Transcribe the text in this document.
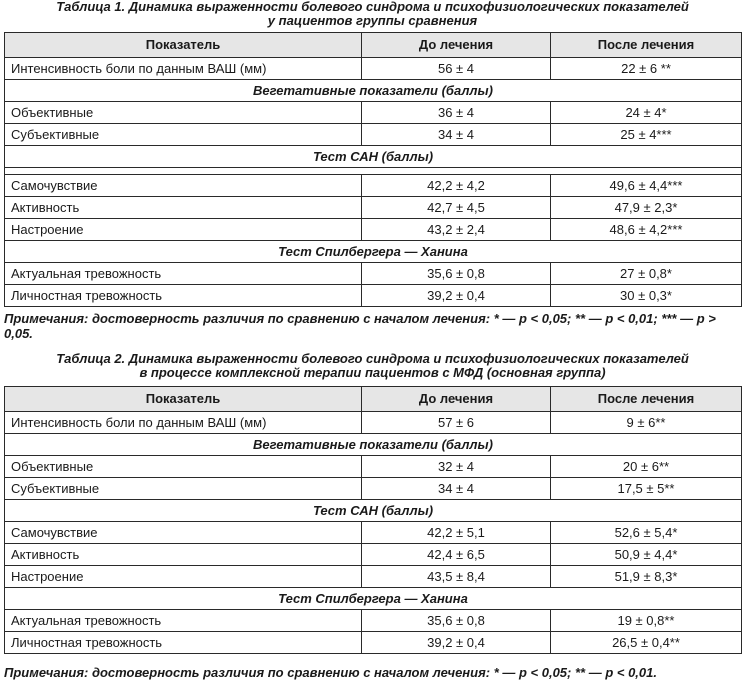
Таблица 1. Динамика выраженности болевого синдрома и психофизиологических показателей
у пациентов группы сравнения
Показатель	До лечения	После лечения
Интенсивность боли по данным ВАШ (мм)	56 ± 4	22 ± 6 **
Вегетативные показатели (баллы)		
Объективные	36 ± 4	24 ± 4*
Субъективные	34 ± 4	25 ± 4***
Тест САН (баллы)		

Самочувствие	42,2 ± 4,2	49,6 ± 4,4***
Активность	42,7 ± 4,5	47,9 ± 2,3*
Настроение	43,2 ± 2,4	48,6 ± 4,2***
Тест Спилбергера — Ханина		
Актуальная тревожность	35,6 ± 0,8	27 ± 0,8*
Личностная тревожность	39,2 ± 0,4	30 ± 0,3*
Примечания: достоверность различия по сравнению с началом лечения: * — р < 0,05; ** — р < 0,01; *** — р > 0,05.
Таблица 2. Динамика выраженности болевого синдрома и психофизиологических показателей
в процессе комплексной терапии пациентов с МФД (основная группа)
Показатель	До лечения	После лечения
Интенсивность боли по данным ВАШ (мм)	57 ± 6	9 ± 6**
Вегетативные показатели (баллы)		
Объективные	32 ± 4	20 ± 6**
Субъективные	34 ± 4	17,5 ± 5**
Тест САН (баллы)		
Самочувствие	42,2 ± 5,1	52,6 ± 5,4*
Активность	42,4 ± 6,5	50,9 ± 4,4*
Настроение	43,5 ± 8,4	51,9 ± 8,3*
Тест Спилбергера — Ханина		
Актуальная тревожность	35,6 ± 0,8	19 ± 0,8**
Личностная тревожность	39,2 ± 0,4	26,5 ± 0,4**
Примечания: достоверность различия по сравнению с началом лечения: * — р < 0,05; ** — р < 0,01.
